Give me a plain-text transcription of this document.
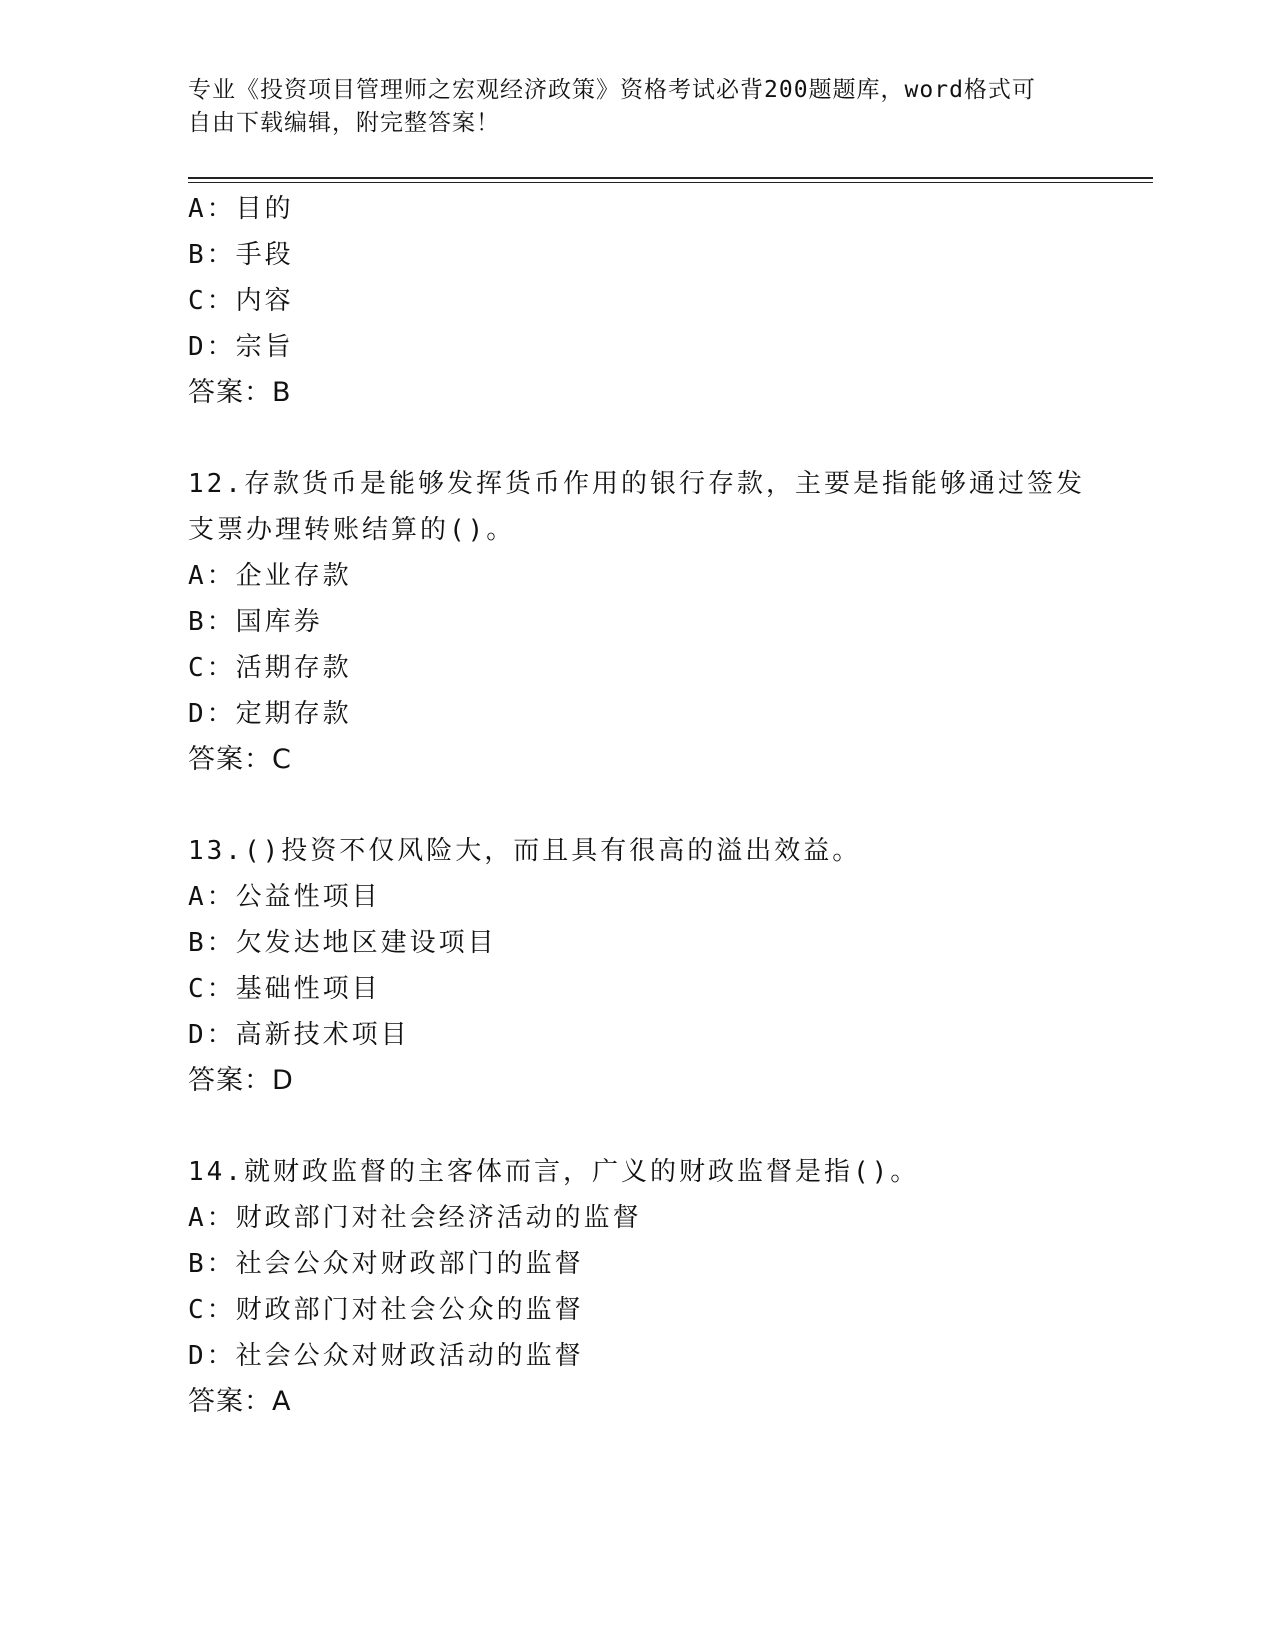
专业《投资项目管理师之宏观经济政策》资格考试必背200题题库，word格式可
自由下载编辑，附完整答案！
A：目的
B：手段
C：内容
D：宗旨
答案：B
12.存款货币是能够发挥货币作用的银行存款，主要是指能够通过签发
支票办理转账结算的()。
A：企业存款
B：国库券
C：活期存款
D：定期存款
答案：C
13.()投资不仅风险大，而且具有很高的溢出效益。
A：公益性项目
B：欠发达地区建设项目
C：基础性项目
D：高新技术项目
答案：D
14.就财政监督的主客体而言，广义的财政监督是指()。
A：财政部门对社会经济活动的监督
B：社会公众对财政部门的监督
C：财政部门对社会公众的监督
D：社会公众对财政活动的监督
答案：A
